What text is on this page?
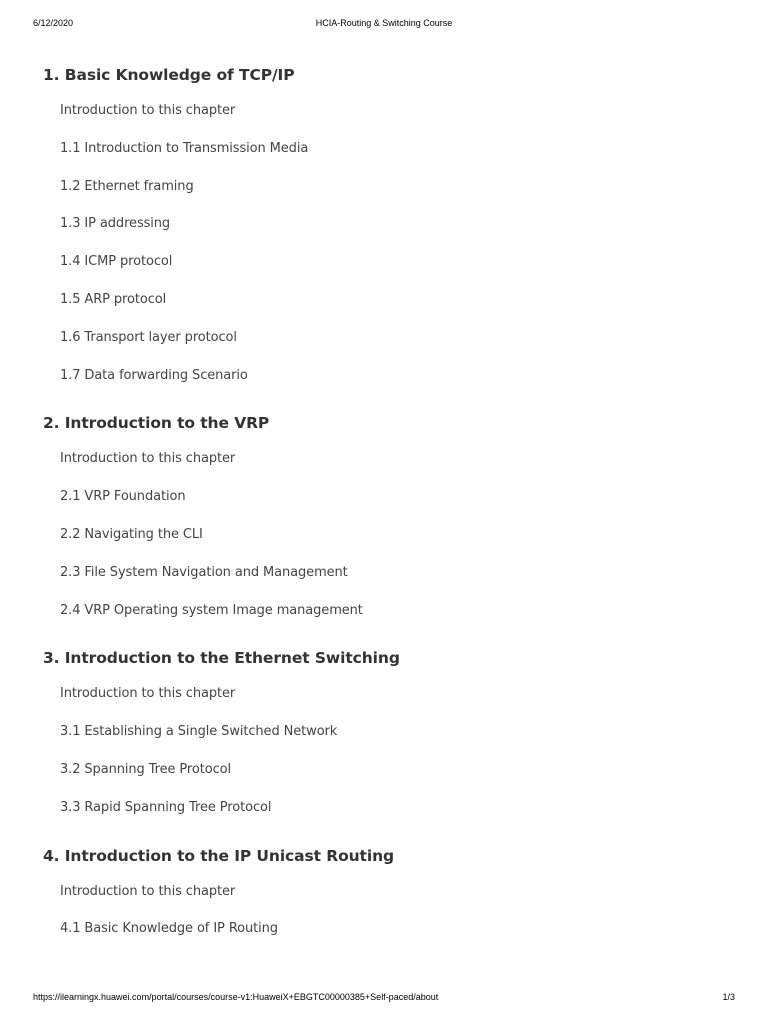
6/12/2020	HCIA-Routing & Switching Course
1. Basic Knowledge of TCP/IP
Introduction to this chapter
1.1 Introduction to Transmission Media
1.2 Ethernet framing
1.3 IP addressing
1.4 ICMP protocol
1.5 ARP protocol
1.6 Transport layer protocol
1.7 Data forwarding Scenario
2. Introduction to the VRP
Introduction to this chapter
2.1 VRP Foundation
2.2 Navigating the CLI
2.3 File System Navigation and Management
2.4 VRP Operating system Image management
3. Introduction to the Ethernet Switching
Introduction to this chapter
3.1 Establishing a Single Switched Network
3.2 Spanning Tree Protocol
3.3 Rapid Spanning Tree Protocol
4. Introduction to the IP Unicast Routing
Introduction to this chapter
4.1 Basic Knowledge of IP Routing
https://ilearningx.huawei.com/portal/courses/course-v1:HuaweiX+EBGTC00000385+Self-paced/about	1/3
